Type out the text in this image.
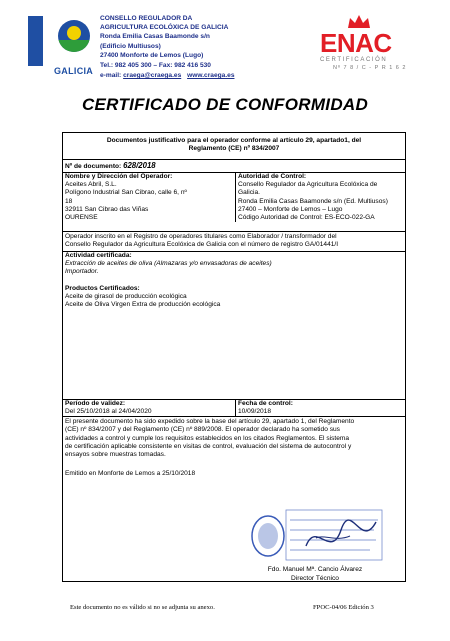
GALICIA
CONSELLO REGULADOR DA
AGRICULTURA ECOLÓXICA DE GALICIA
Ronda Emilia Casas Baamonde s/n
(Edificio Multiusos)
27400 Monforte de Lemos (Lugo)
Tel.: 982 405 300 – Fax: 982 416 530
e-mail: craega@craega.es www.craega.es
ENAC
CERTIFICACIÓN
Nº 7 8 / C - P R 1 6 2
CERTIFICADO DE CONFORMIDAD
Documentos justificativo para el operador conforme al artículo 29, apartado1, del
Reglamento (CE) nº 834/2007
Nº de documento: 628/2018
Nombre y Dirección del Operador:
Aceites Abril, S.L.
Polígono Industrial San Cibrao, calle 6, nº
18
32911 San Cibrao das Viñas
OURENSE
Autoridad de Control:
Consello Regulador da Agricultura Ecolóxica de
Galicia.
Ronda Emilia Casas Baamonde s/n (Ed. Multiusos)
27400 – Monforte de Lemos – Lugo
Código Autoridad de Control: ES-ECO-022-GA
Operador inscrito en el Registro de operadores titulares como Elaborador / transformador del
Consello Regulador da Agricultura Ecolóxica de Galicia con el número de registro GA/01441/I
Actividad certificada:
Extracción de aceites de oliva (Almazaras y/o envasadoras de aceites)
Importador.
Productos Certificados:
Aceite de girasol de producción ecológica
Aceite de Oliva Virgen Extra de producción ecológica
Período de validez:
Del 25/10/2018 al 24/04/2020
Fecha de control:
10/09/2018
El presente documento ha sido expedido sobre la base del artículo 29, apartado 1, del Reglamento
(CE) nº 834/2007 y del Reglamento (CE) nº 889/2008. El operador declarado ha sometido sus
actividades a control y cumple los requisitos establecidos en los citados Reglamentos. El sistema
de certificación aplicable consistente en visitas de control, evaluación del sistema de autocontrol y
ensayos sobre muestras tomadas.
Emitido en Monforte de Lemos a 25/10/2018
Fdo. Manuel Mª. Cancio Álvarez
Director Técnico
Este documento no es válido si no se adjunta su anexo.	FPOC-04/06 Edición 3
